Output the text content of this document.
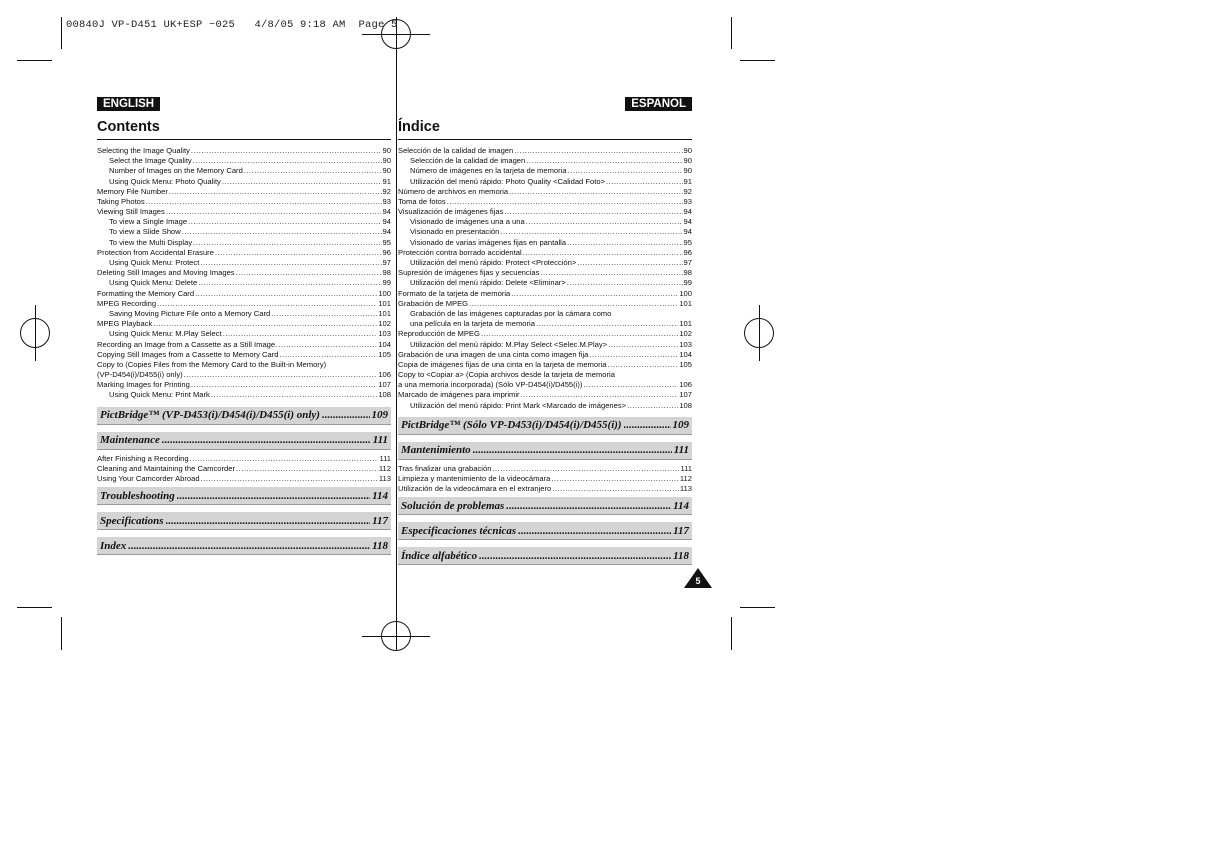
00840J VP-D451 UK+ESP ~025   4/8/05 9:18 AM  Page 5
ENGLISH
Contents
Selecting the Image Quality .....	90
Select the Image Quality .....	90
Number of Images on the Memory Card .....	90
Using Quick Menu: Photo Quality .....	91
Memory File Number .....	92
Taking Photos .....	93
Viewing Still Images .....	94
To view a Single Image .....	94
To view a Slide Show .....	94
To view the Multi Display .....	95
Protection from Accidental Erasure .....	96
Using Quick Menu: Protect .....	97
Deleting Still Images and Moving Images .....	98
Using Quick Menu: Delete .....	99
Formatting the Memory Card .....	100
MPEG Recording .....	101
Saving Moving Picture File onto a Memory Card .....	101
MPEG Playback .....	102
Using Quick Menu: M.Play Select .....	103
Recording an Image from a Cassette as a Still Image. .....	104
Copying Still Images from a Cassette to Memory Card .....	105
Copy to (Copies Files from the Memory Card to the Built-in Memory)
(VP-D454(i)/D455(i) only) .....	106
Marking Images for Printing .....	107
Using Quick Menu: Print Mark .....	108
PictBridge™ (VP-D453(i)/D454(i)/D455(i) only) .....	109
Maintenance .....	111
After Finishing a Recording .....	111
Cleaning and Maintaining the Camcorder .....	112
Using Your Camcorder Abroad .....	113
Troubleshooting .....	114
Specifications .....	117
Index .....	118
ESPANOL
Índice
Selección de la calidad de imagen .....	90
Selección de la calidad de imagen .....	90
Número de imágenes en la tarjeta de memoria .....	90
Utilización del menú rápido: Photo Quality <Calidad Foto> .....	91
Número de archivos en memoria .....	92
Toma de fotos .....	93
Visualización de imágenes fijas .....	94
Visionado de imágenes una a una .....	94
Visionado en presentación .....	94
Visionado de varias imágenes fijas en pantalla .....	95
Protección contra borrado accidental .....	96
Utilización del menú rápido: Protect <Protección> .....	97
Supresión de imágenes fijas y secuencias .....	98
Utilización del menú rápido: Delete <Eliminar> .....	99
Formato de la tarjeta de memoria .....	100
Grabación de MPEG .....	101
Grabación de las imágenes capturadas por la cámara como
una película en la tarjeta de memoria .....	101
Reproducción de MPEG .....	102
Utilización del menú rápido: M.Play Select <Selec.M.Play> .....	103
Grabación de una imagen de una cinta como imagen fija .....	104
Copia de imágenes fijas de una cinta en la tarjeta de memoria .....	105
Copy to <Copiar a> (Copia archivos desde la tarjeta de memoria
a una memoria incorporada) (Sólo VP-D454(i)/D455(i)) .....	106
Marcado de imágenes para imprimir .....	107
Utilización del menú rápido: Print Mark <Marcado de imágenes> .....	108
PictBridge™ (Sólo VP-D453(i)/D454(i)/D455(i)) .....	109
Mantenimiento .....	111
Tras finalizar una grabación .....	111
Limpieza y mantenimiento de la videocámara .....	112
Utilización de la videocámara en el extranjero .....	113
Solución de problemas .....	114
Especificaciones técnicas .....	117
Índice alfabético .....	118
5
